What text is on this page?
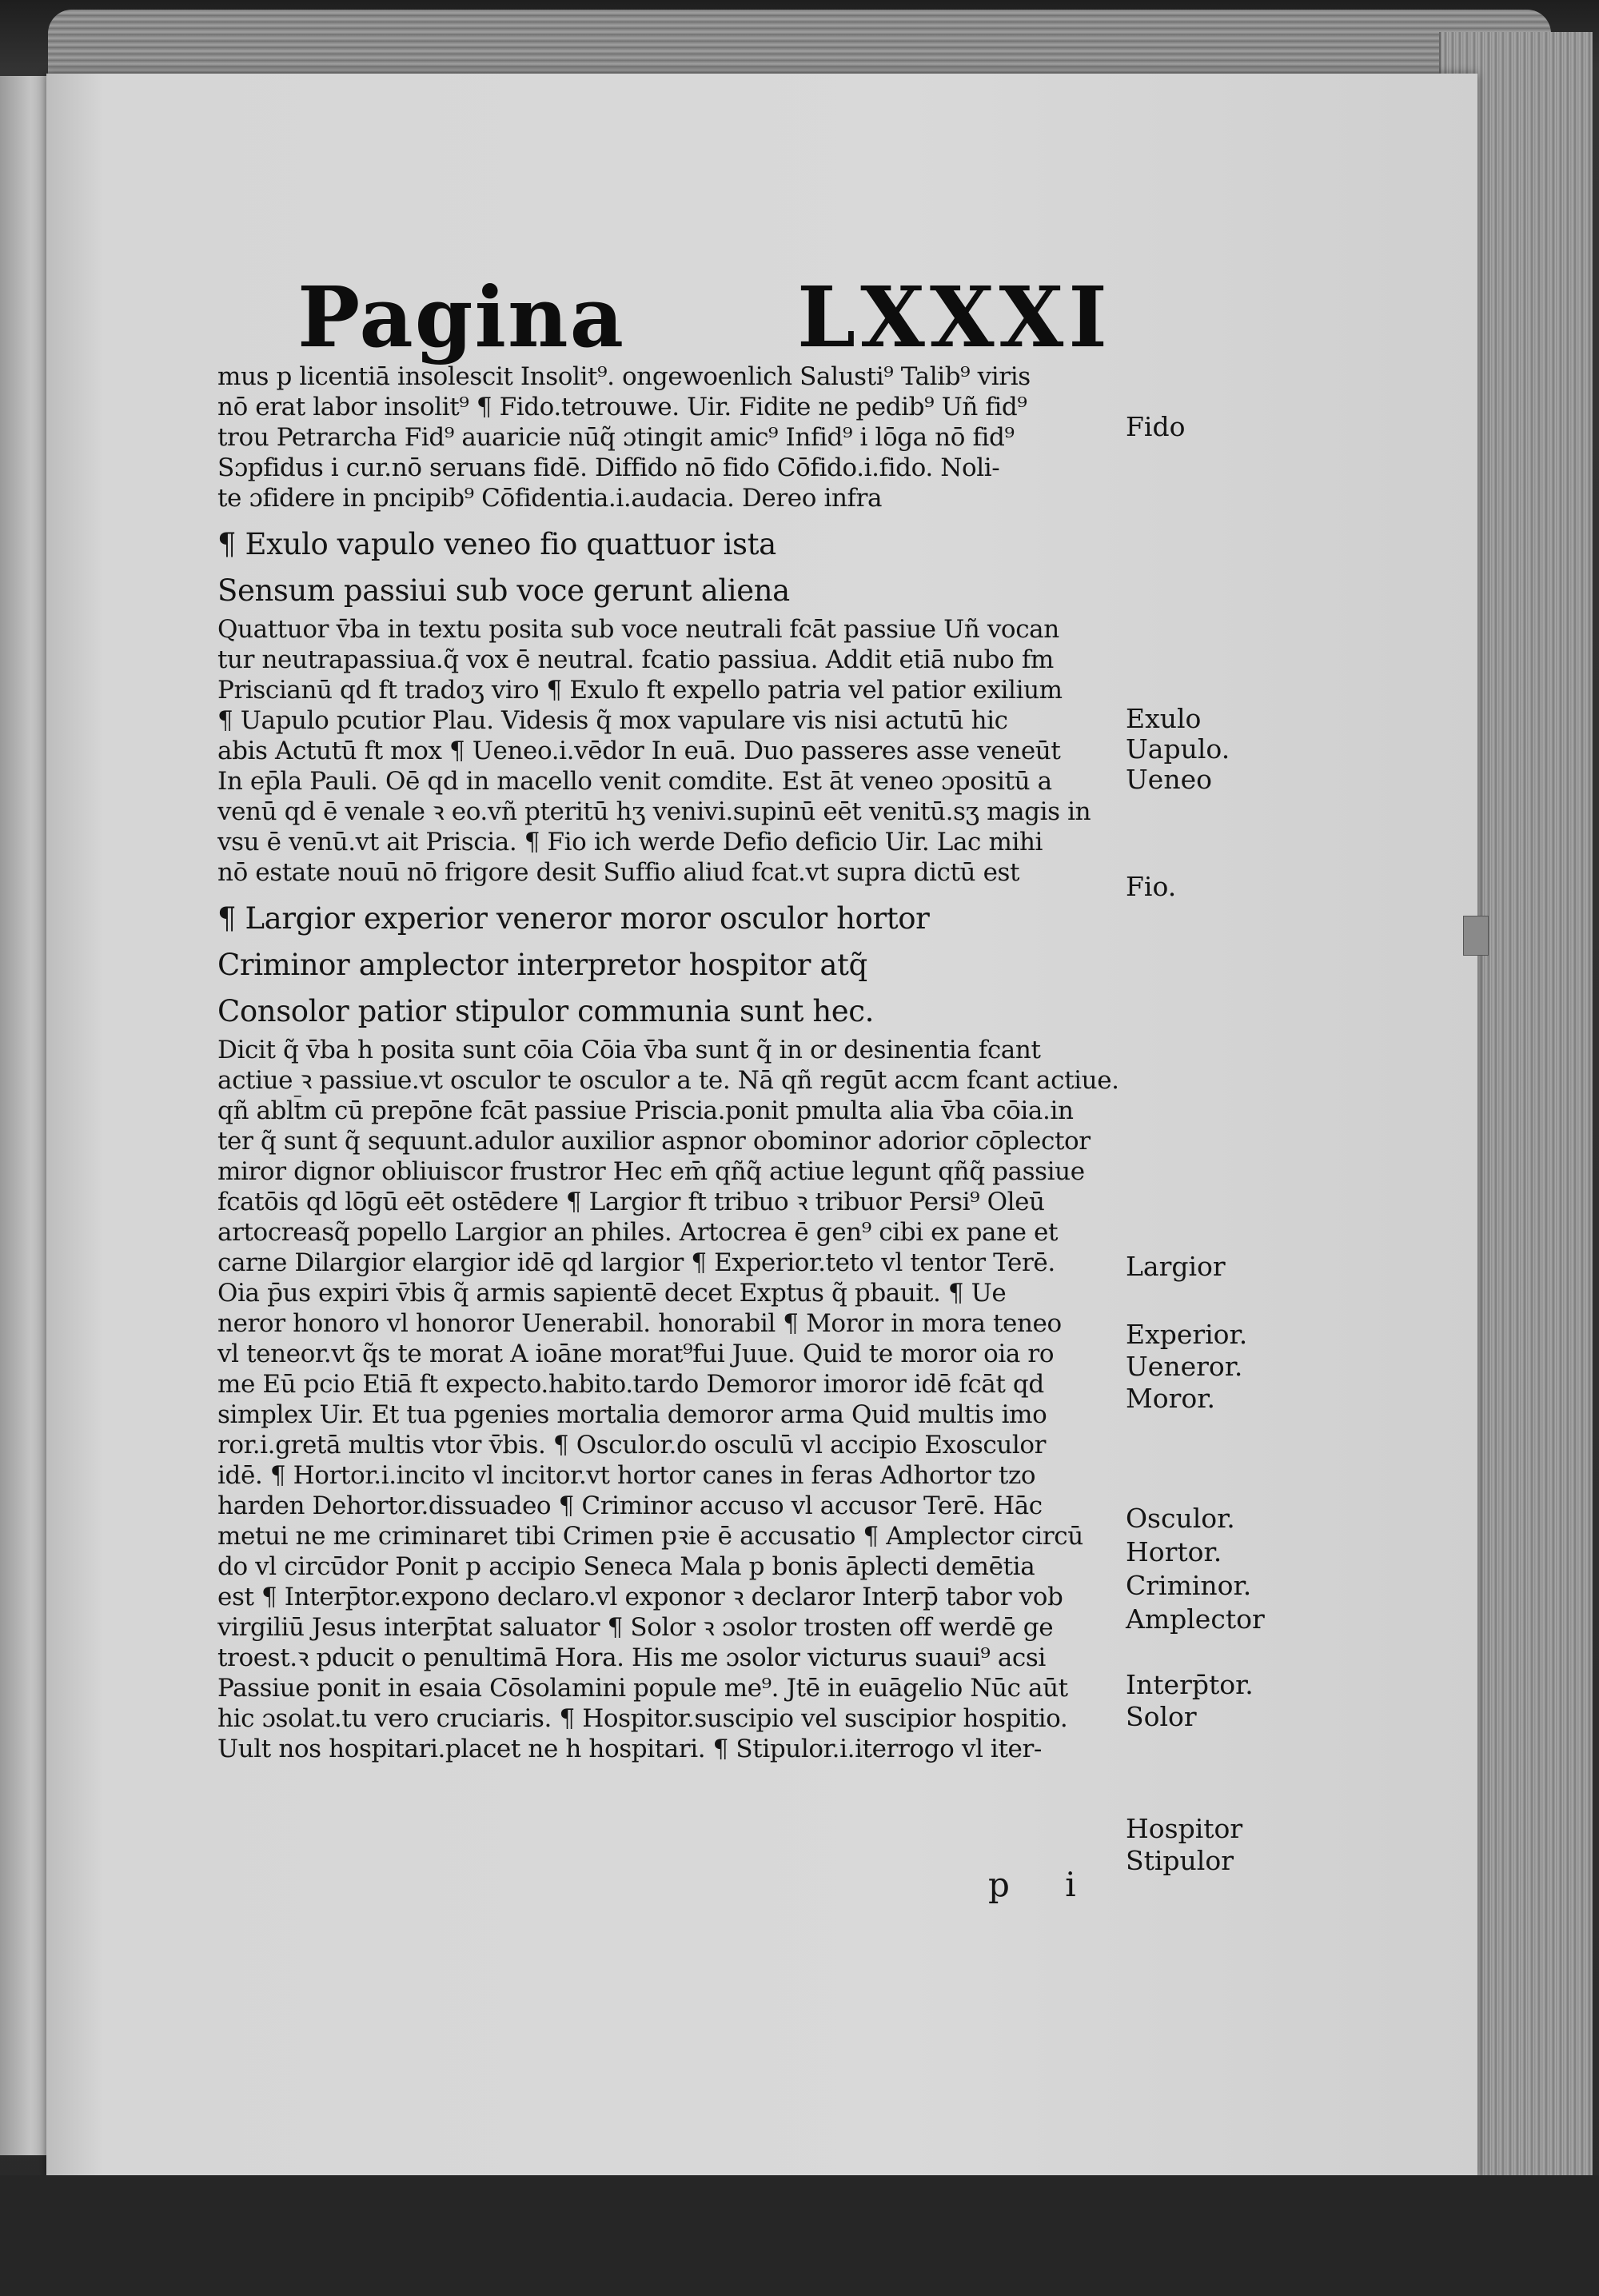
Pagina LXXXI
mus p licentiā insolescit Insolit⁹. ongewoenlich Salusti⁹ Talib⁹ viris
nō erat labor insolit⁹ ¶ Fido.tetrouwe. Uir. Fidite ne pedib⁹ Uñ fid⁹
trou Petrarcha Fid⁹ auaricie nūq̃ ɔtingit amic⁹ Infid⁹ i lōga nō fid⁹
Sɔpfidus i cur.nō seruans fidē. Diffido nō fido Cōfido.i.fido. Noli-
te ɔfidere in pncipib⁹ Cōfidentia.i.audacia. Dereo infra
¶ Exulo vapulo veneo fio quattuor ista
Sensum passiui sub voce gerunt aliena
Quattuor v̄ba in textu posita sub voce neutrali fcāt passiue Uñ vocan
tur neutrapassiua.q̃ vox ē neutral. fcatio passiua. Addit etiā nubo fm
Priscianū qd ft tradoʒ viro ¶ Exulo ft expello patria vel patior exilium
¶ Uapulo pcutior Plau. Videsis q̃ mox vapulare vis nisi actutū hic
abis Actutū ft mox ¶ Ueneo.i.vēdor In euā. Duo passeres asse veneūt
In ep̄la Pauli. Oē qd in macello venit comdite. Est āt veneo ɔpositū a
venū qd ē venale ꝛ eo.vñ pteritū hʒ venivi.supinū eēt venitū.sʒ magis in
vsu ē venū.vt ait Priscia. ¶ Fio ich werde Defio deficio Uir. Lac mihi
nō estate nouū nō frigore desit Suffio aliud fcat.vt supra dictū est
¶ Largior experior veneror moror osculor hortor
Criminor amplector interpretor hospitor atq̃
Consolor patior stipulor communia sunt hec.
Dicit q̃ v̄ba h posita sunt cōia Cōia v̄ba sunt q̃ in or desinentia fcant
actiue ꝛ passiue.vt osculor te osculor a te. Nā qñ regūt accm fcant actiue.
qñ ablt̄m cū prepōne fcāt passiue Priscia.ponit pmulta alia v̄ba cōia.in
ter q̃ sunt q̃ sequunt.adulor auxilior aspnor obominor adorior cōplector
miror dignor obliuiscor frustror Hec em̄ qñq̃ actiue legunt qñq̃ passiue
fcatōis qd lōgū eēt ostēdere ¶ Largior ft tribuo ꝛ tribuor Persi⁹ Oleū
artocreasq̃ popello Largior an philes. Artocrea ē gen⁹ cibi ex pane et
carne Dilargior elargior idē qd largior ¶ Experior.teto vl tentor Terē.
Oia p̄us expiri v̄bis q̃ armis sapientē decet Exptus q̃ pbauit. ¶ Ue
neror honoro vl honoror Uenerabil. honorabil ¶ Moror in mora teneo
vl teneor.vt q̃s te morat A ioāne morat⁹fui Juue. Quid te moror oia ro
me Eū pcio Etiā ft expecto.habito.tardo Demoror imoror idē fcāt qd
simplex Uir. Et tua pgenies mortalia demoror arma Quid multis imo
ror.i.gretā multis vtor v̄bis. ¶ Osculor.do osculū vl accipio Exosculor
idē. ¶ Hortor.i.incito vl incitor.vt hortor canes in feras Adhortor tzo
harden Dehortor.dissuadeo ¶ Criminor accuso vl accusor Terē. Hāc
metui ne me criminaret tibi Crimen pꝛie ē accusatio ¶ Amplector circū
do vl circūdor Ponit p accipio Seneca Mala p bonis āplecti demētia
est ¶ Interp̄tor.expono declaro.vl exponor ꝛ declaror Interp̄ tabor vob
virgiliū Jesus interp̄tat saluator ¶ Solor ꝛ ɔsolor trosten off werdē ge
troest.ꝛ pducit o penultimā Hora. His me ɔsolor victurus suaui⁹ acsi
Passiue ponit in esaia Cōsolamini popule me⁹. Jtē in euāgelio Nūc aūt
hic ɔsolat.tu vero cruciaris. ¶ Hospitor.suscipio vel suscipior hospitio.
Uult nos hospitari.placet ne h hospitari. ¶ Stipulor.i.iterrogo vl iter-
Fido
Exulo
Uapulo.
Ueneo
Fio.
Largior
Experior.
Ueneror.
Moror.
Osculor.
Hortor.
Criminor.
Amplector
Interp̄tor.
Solor
Hospitor
Stipulor
p i
